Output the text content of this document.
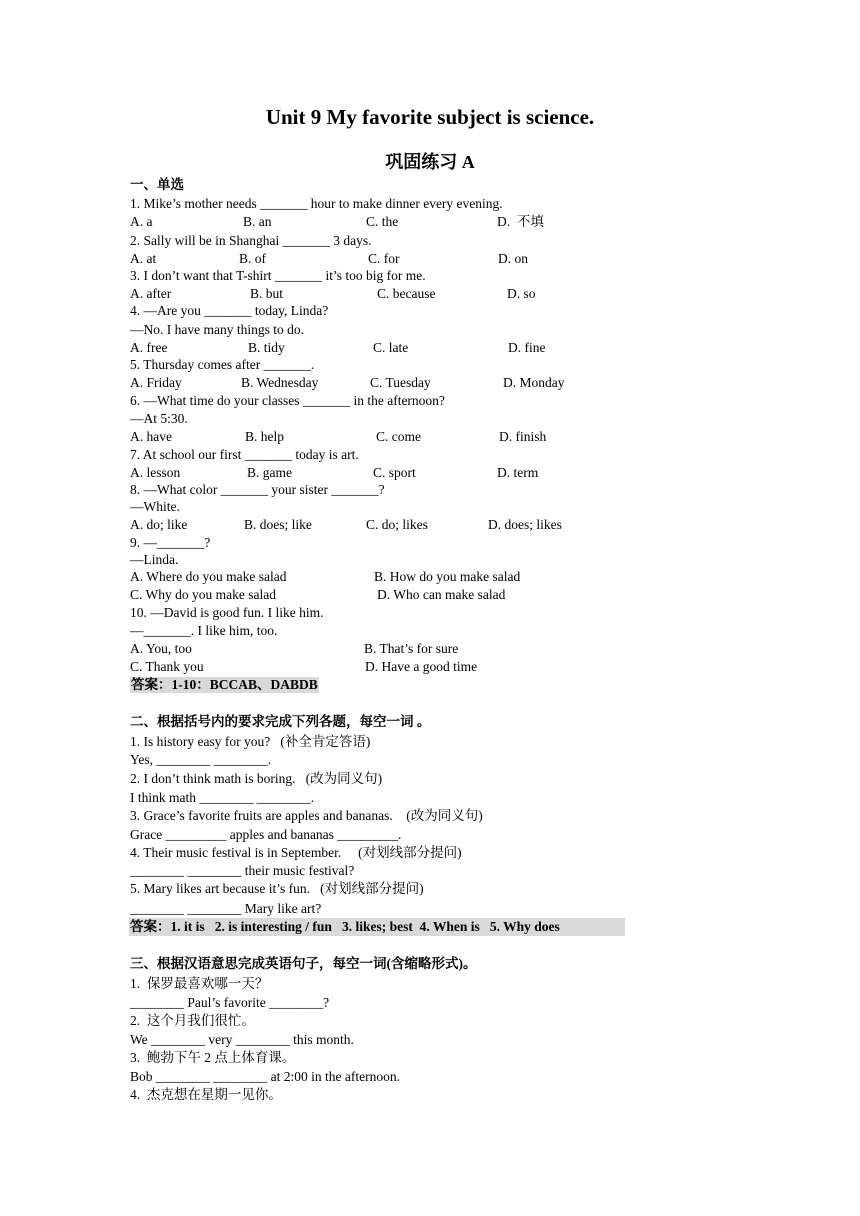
Unit 9 My favorite subject is science.
巩固练习 A
一、单选
1. Mike’s mother needs _______ hour to make dinner every evening.
A. a	B. an	C. the	D.  不填
2. Sally will be in Shanghai _______ 3 days.
A. at	B. of	C. for	D. on
3. I don’t want that T-shirt _______ it’s too big for me.
A. after	B. but	C. because	D. so
4. —Are you _______ today, Linda?
—No. I have many things to do.
A. free	B. tidy	C. late	D. fine
5. Thursday comes after _______.
A. Friday	B. Wednesday	C. Tuesday	D. Monday
6. —What time do your classes _______ in the afternoon?
—At 5:30.
A. have	B. help	C. come	D. finish
7. At school our first _______ today is art.
A. lesson	B. game	C. sport	D. term
8. —What color _______ your sister _______?
—White.
A. do; like	B. does; like	C. do; likes	D. does; likes
9. —_______?
—Linda.
A. Where do you make salad	B. How do you make salad
C. Why do you make salad	D. Who can make salad
10. —David is good fun. I like him.
—_______. I like him, too.
A. You, too	B. That’s for sure
C. Thank you	D. Have a good time
答案：1-10：BCCAB、DABDB
二、根据括号内的要求完成下列各题，每空一词 。
1. Is history easy for you?   (补全肯定答语)
Yes, ________ ________.
2. I don’t think math is boring.   (改为同义句)
I think math ________ ________.
3. Grace’s favorite fruits are apples and bananas.    (改为同义句)
Grace _________ apples and bananas _________.
4. Their music festival is in September.     (对划线部分提问)
________ ________ their music festival?
5. Mary likes art because it’s fun.   (对划线部分提问)
________ ________ Mary like art?
答案：1. it is   2. is interesting / fun   3. likes; best  4. When is   5. Why does
三、根据汉语意思完成英语句子，每空一词(含缩略形式)。
1.  保罗最喜欢哪一天？
________ Paul’s favorite ________?
2.  这个月我们很忙。
We ________ very ________ this month.
3.  鲍勃下午 2 点上体育课。
Bob ________ ________ at 2:00 in the afternoon.
4.  杰克想在星期一见你。
